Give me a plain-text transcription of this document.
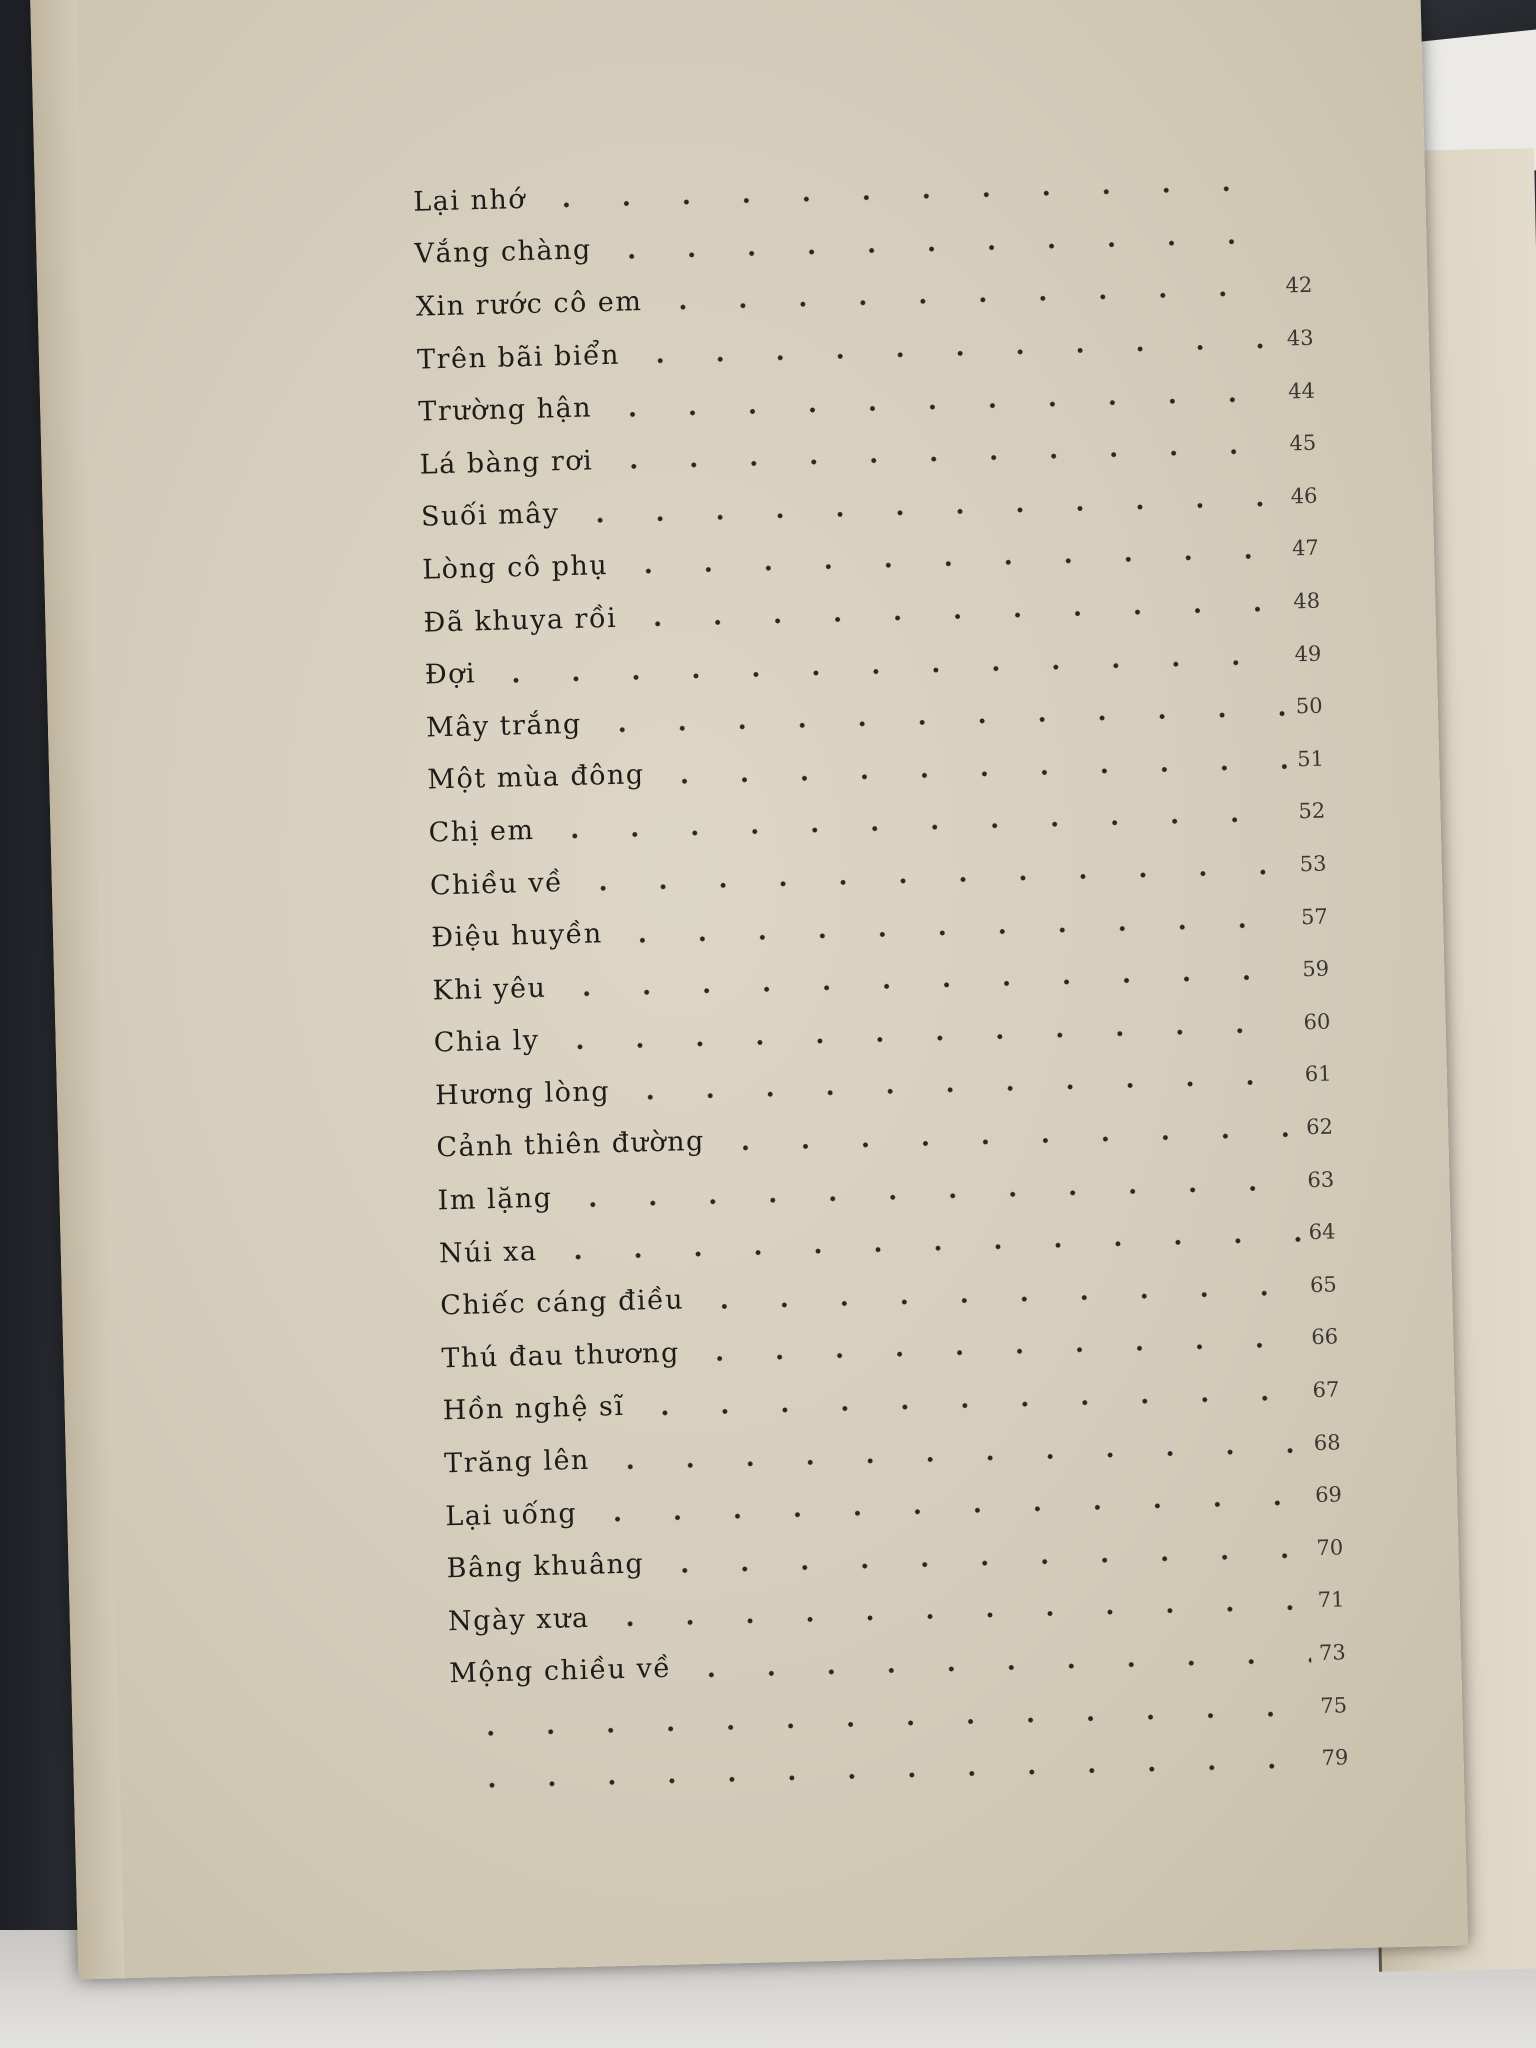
Lại nhớ
Vắng chàng
Xin rước cô em
42
Trên bãi biển
43
Trường hận
44
Lá bàng rơi
45
Suối mây
46
Lòng cô phụ
47
Đã khuya rồi
48
Đợi
49
Mây trắng
50
Một mùa đông
51
Chị em
52
Chiều về
53
Điệu huyền
57
Khi yêu
59
Chia ly
60
Hương lòng
61
Cảnh thiên đường	62
Im lặng
63
Núi xa
64
Chiếc cáng điều
65
Thú đau thương
66
Hồn nghệ sĩ
67
Trăng lên
68
Lại uống
69
Bâng khuâng
70
Ngày xưa
71
Mộng chiều về
73
75
79
